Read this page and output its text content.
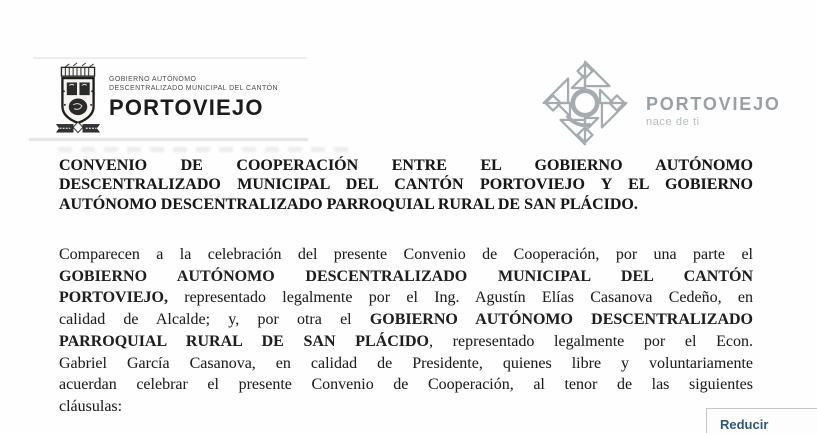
GOBIERNO AUTÓNOMO
DESCENTRALIZADO MUNICIPAL DEL CANTÓN
PORTOVIEJO	PORTOVIEJO
nace de ti
CONVENIO DE COOPERACIÓN ENTRE EL GOBIERNO AUTÓNOMO
DESCENTRALIZADO MUNICIPAL DEL CANTÓN PORTOVIEJO Y EL GOBIERNO
AUTÓNOMO DESCENTRALIZADO PARROQUIAL RURAL DE SAN PLÁCIDO.
Comparecen a la celebración del presente Convenio de Cooperación, por una parte el
GOBIERNO AUTÓNOMO DESCENTRALIZADO MUNICIPAL DEL CANTÓN
PORTOVIEJO, representado legalmente por el Ing. Agustín Elías Casanova Cedeño, en
calidad de Alcalde; y, por otra el GOBIERNO AUTÓNOMO DESCENTRALIZADO
PARROQUIAL RURAL DE SAN PLÁCIDO, representado legalmente por el Econ.
Gabriel García Casanova, en calidad de Presidente, quienes libre y voluntariamente
acuerdan celebrar el presente Convenio de Cooperación, al tenor de las siguientes
cláusulas:
Reducir
